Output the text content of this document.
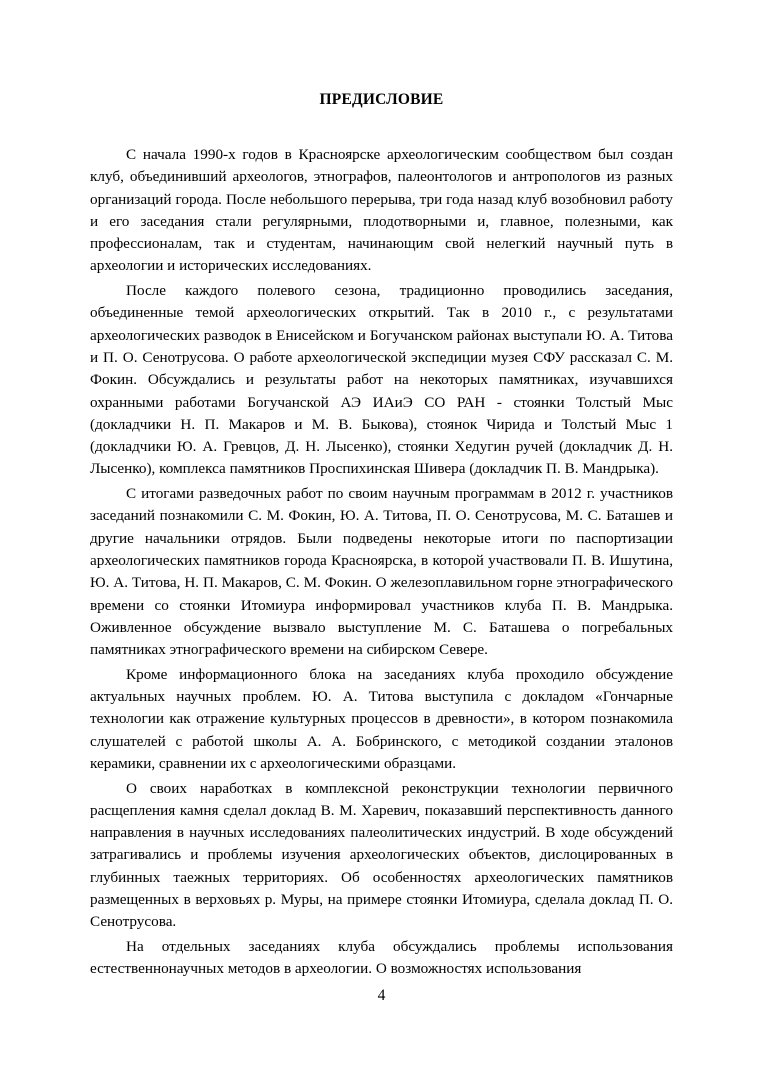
ПРЕДИСЛОВИЕ

С начала 1990-х годов в Красноярске археологическим сообществом был создан клуб, объединивший археологов, этнографов, палеонтологов и антропологов из разных организаций города. После небольшого перерыва, три года назад клуб возобновил работу и его заседания стали регулярными, плодотворными и, главное, полезными, как профессионалам, так и студентам, начинающим свой нелегкий научный путь в археологии и исторических исследованиях.

После каждого полевого сезона, традиционно проводились заседания, объединенные темой археологических открытий. Так в 2010 г., с результатами археологических разводок в Енисейском и Богучанском районах выступали Ю. А. Титова и П. О. Сенотрусова. О работе археологической экспедиции музея СФУ рассказал С. М. Фокин. Обсуждались и результаты работ на некоторых памятниках, изучавшихся охранными работами Богучанской АЭ ИАиЭ СО РАН - стоянки Толстый Мыс (докладчики Н. П. Макаров и М. В. Быкова), стоянок Чирида и Толстый Мыс 1 (докладчики Ю. А. Гревцов, Д. Н. Лысенко), стоянки Хедугин ручей (докладчик Д. Н. Лысенко), комплекса памятников Проспихинская Шивера (докладчик П. В. Мандрыка).

С итогами разведочных работ по своим научным программам в 2012 г. участников заседаний познакомили С. М. Фокин, Ю. А. Титова, П. О. Сенотрусова, М. С. Баташев и другие начальники отрядов. Были подведены некоторые итоги по паспортизации археологических памятников города Красноярска, в которой участвовали П. В. Ишутина, Ю. А. Титова, Н. П. Макаров, С. М. Фокин. О железоплавильном горне этнографического времени со стоянки Итомиура информировал участников клуба П. В. Мандрыка. Оживленное обсуждение вызвало выступление М. С. Баташева о погребальных памятниках этнографического времени на сибирском Севере.

Кроме информационного блока на заседаниях клуба проходило обсуждение актуальных научных проблем. Ю. А. Титова выступила с докладом «Гончарные технологии как отражение культурных процессов в древности», в котором познакомила слушателей с работой школы А. А. Бобринского, с методикой создании эталонов керамики, сравнении их с археологическими образцами.

О своих наработках в комплексной реконструкции технологии первичного расщепления камня сделал доклад В. М. Харевич, показавший перспективность данного направления в научных исследованиях палеолитических индустрий. В ходе обсуждений затрагивались и проблемы изучения археологических объектов, дислоцированных в глубинных таежных территориях. Об особенностях археологических памятников размещенных в верховьях р. Муры, на примере стоянки Итомиура, сделала доклад П. О. Сенотрусова.

На отдельных заседаниях клуба обсуждались проблемы использования естественнонаучных методов в археологии. О возможностях использования

4
